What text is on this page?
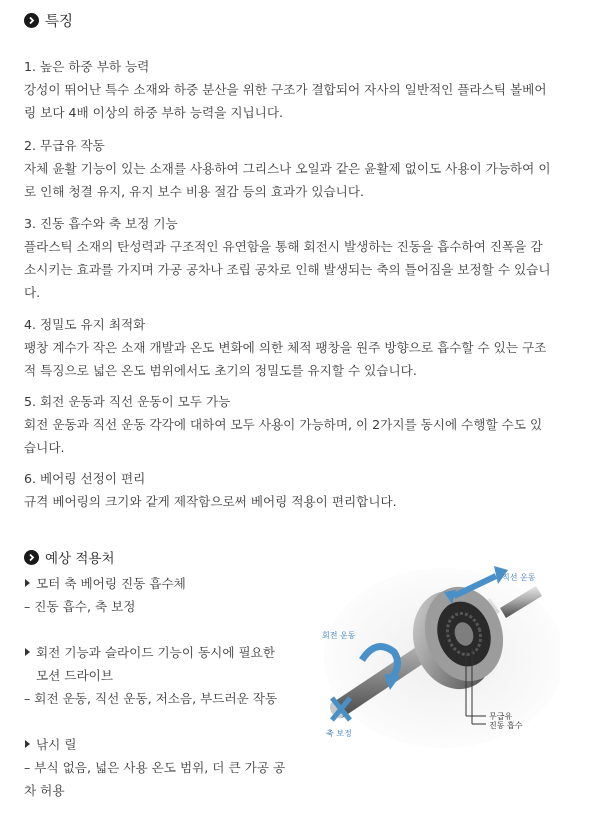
특징
1. 높은 하중 부하 능력
강성이 뛰어난 특수 소재와 하중 분산을 위한 구조가 결합되어 자사의 일반적인 플라스틱 볼베어링 보다 4배 이상의 하중 부하 능력을 지닙니다.
2. 무급유 작동
자체 윤활 기능이 있는 소재를 사용하여 그리스나 오일과 같은 윤활제 없이도 사용이 가능하여 이로 인해 청결 유지, 유지 보수 비용 절감 등의 효과가 있습니다.
3. 진동 흡수와 축 보정 기능
플라스틱 소재의 탄성력과 구조적인 유연함을 통해 회전시 발생하는 진동을 흡수하여 진폭을 감소시키는 효과를 가지며 가공 공차나 조립 공차로 인해 발생되는 축의 틀어짐을 보정할 수 있습니다.
4. 정밀도 유지 최적화
팽창 계수가 작은 소재 개발과 온도 변화에 의한 체적 팽창을 원주 방향으로 흡수할 수 있는 구조적 특징으로 넓은 온도 범위에서도 초기의 정밀도를 유지할 수 있습니다.
5. 회전 운동과 직선 운동이 모두 가능
회전 운동과 직선 운동 각각에 대하여 모두 사용이 가능하며, 이 2가지를 동시에 수행할 수도 있습니다.
6. 베어링 선정이 편리
규격 베어링의 크기와 같게 제작함으로써 베어링 적용이 편리합니다.
예상 적용처
모터 축 베어링 진동 흡수체
– 진동 흡수, 축 보정
회전 기능과 슬라이드 기능이 동시에 필요한 모션 드라이브
– 회전 운동, 직선 운동, 저소음, 부드러운 작동
낚시 릴
– 부식 없음, 넓은 사용 온도 범위, 더 큰 가공 공차 허용
직선 운동
회전 운동
축 보정
무급유
진동 흡수
